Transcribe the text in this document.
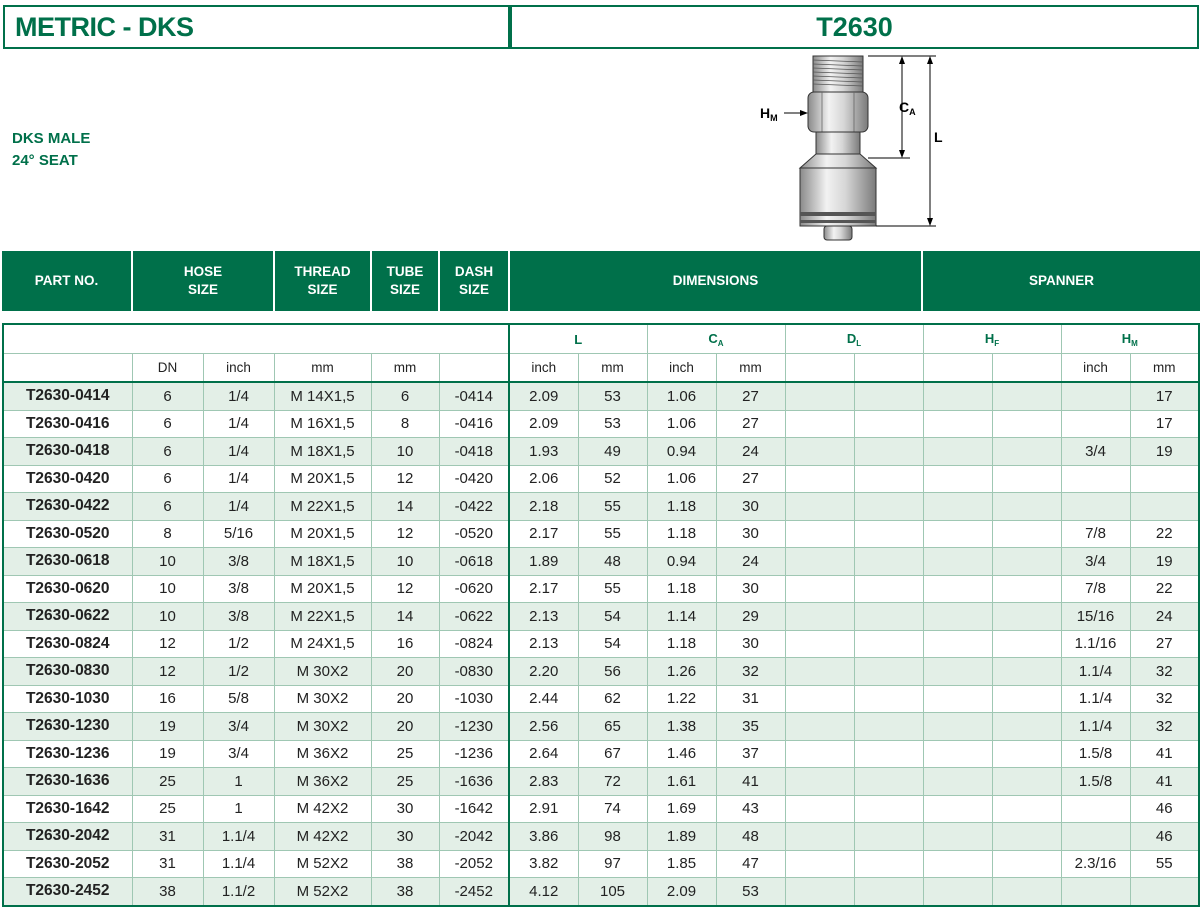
METRIC - DKS	T2630
DKS MALE
24° SEAT
$H_M$
$C_A$
L
PART NO.
HOSE
SIZE
THREAD
SIZE
TUBE
SIZE
DASH
SIZE
DIMENSIONS	SPANNER
						L		$C_A$		$D_L$		$H_F$		$H_M$
	DN	inch	mm	mm		inch	mm	inch	mm					inch	mm
T2630-0414	6	1/4	M 14X1,5	6	-0414	2.09	53	1.06	27						17
T2630-0416	6	1/4	M 16X1,5	8	-0416	2.09	53	1.06	27						17
T2630-0418	6	1/4	M 18X1,5	10	-0418	1.93	49	0.94	24					3/4	19
T2630-0420	6	1/4	M 20X1,5	12	-0420	2.06	52	1.06	27						
T2630-0422	6	1/4	M 22X1,5	14	-0422	2.18	55	1.18	30						
T2630-0520	8	5/16	M 20X1,5	12	-0520	2.17	55	1.18	30					7/8	22
T2630-0618	10	3/8	M 18X1,5	10	-0618	1.89	48	0.94	24					3/4	19
T2630-0620	10	3/8	M 20X1,5	12	-0620	2.17	55	1.18	30					7/8	22
T2630-0622	10	3/8	M 22X1,5	14	-0622	2.13	54	1.14	29					15/16	24
T2630-0824	12	1/2	M 24X1,5	16	-0824	2.13	54	1.18	30					1.1/16	27
T2630-0830	12	1/2	M 30X2	20	-0830	2.20	56	1.26	32					1.1/4	32
T2630-1030	16	5/8	M 30X2	20	-1030	2.44	62	1.22	31					1.1/4	32
T2630-1230	19	3/4	M 30X2	20	-1230	2.56	65	1.38	35					1.1/4	32
T2630-1236	19	3/4	M 36X2	25	-1236	2.64	67	1.46	37					1.5/8	41
T2630-1636	25	1	M 36X2	25	-1636	2.83	72	1.61	41					1.5/8	41
T2630-1642	25	1	M 42X2	30	-1642	2.91	74	1.69	43						46
T2630-2042	31	1.1/4	M 42X2	30	-2042	3.86	98	1.89	48						46
T2630-2052	31	1.1/4	M 52X2	38	-2052	3.82	97	1.85	47					2.3/16	55
T2630-2452	38	1.1/2	M 52X2	38	-2452	4.12	105	2.09	53						
